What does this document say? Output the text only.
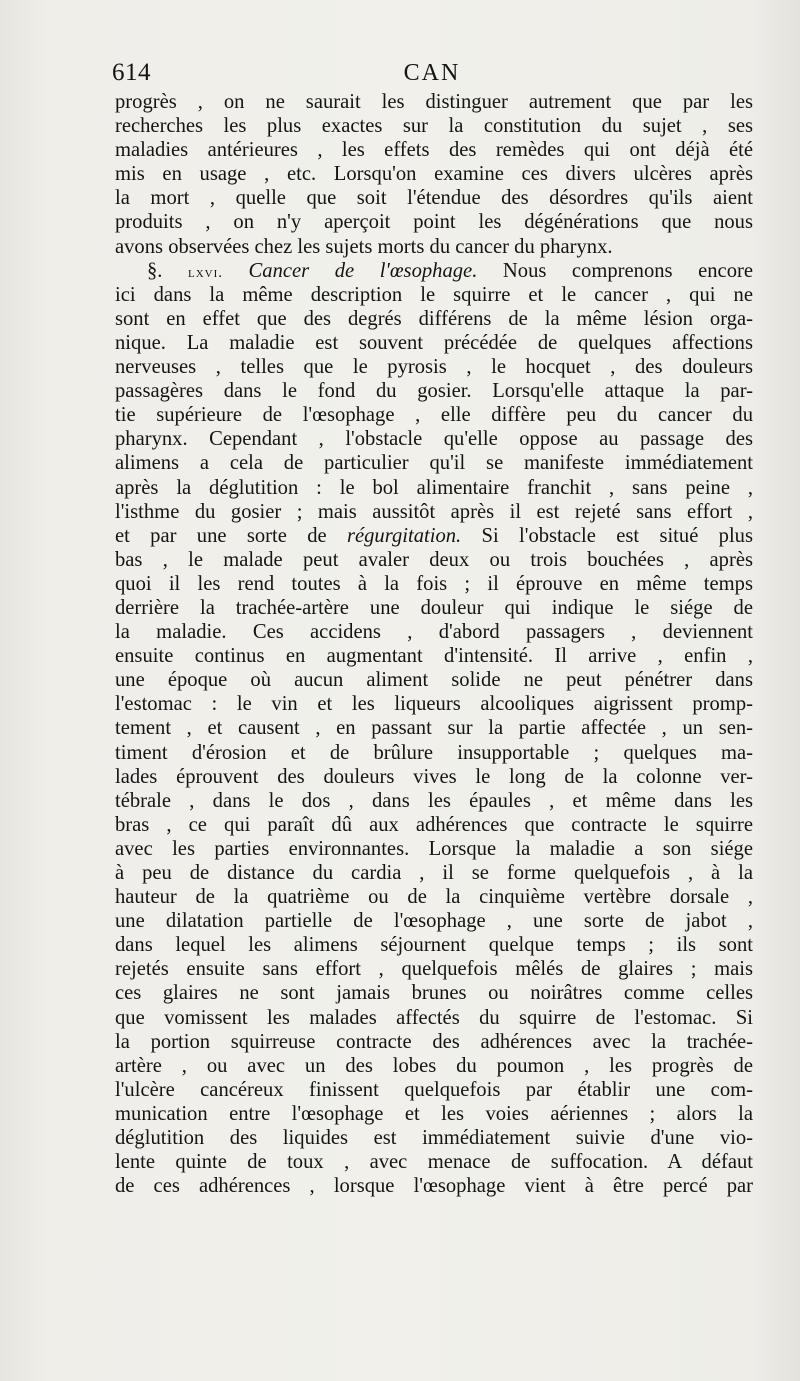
614	CAN
progrès , on ne saurait les distinguer autrement que par les
recherches les plus exactes sur la constitution du sujet , ses
maladies antérieures , les effets des remèdes qui ont déjà été
mis en usage , etc. Lorsqu'on examine ces divers ulcères après
la mort , quelle que soit l'étendue des désordres qu'ils aient
produits , on n'y aperçoit point les dégénérations que nous
avons observées chez les sujets morts du cancer du pharynx.
§. lxvi. Cancer de l'œsophage. Nous comprenons encore
ici dans la même description le squirre et le cancer , qui ne
sont en effet que des degrés différens de la même lésion orga-
nique. La maladie est souvent précédée de quelques affections
nerveuses , telles que le pyrosis , le hocquet , des douleurs
passagères dans le fond du gosier. Lorsqu'elle attaque la par-
tie supérieure de l'œsophage , elle diffère peu du cancer du
pharynx. Cependant , l'obstacle qu'elle oppose au passage des
alimens a cela de particulier qu'il se manifeste immédiatement
après la déglutition : le bol alimentaire franchit , sans peine ,
l'isthme du gosier ; mais aussitôt après il est rejeté sans effort ,
et par une sorte de régurgitation. Si l'obstacle est situé plus
bas , le malade peut avaler deux ou trois bouchées , après
quoi il les rend toutes à la fois ; il éprouve en même temps
derrière la trachée-artère une douleur qui indique le siége de
la maladie. Ces accidens , d'abord passagers , deviennent
ensuite continus en augmentant d'intensité. Il arrive , enfin ,
une époque où aucun aliment solide ne peut pénétrer dans
l'estomac : le vin et les liqueurs alcooliques aigrissent promp-
tement , et causent , en passant sur la partie affectée , un sen-
timent d'érosion et de brûlure insupportable ; quelques ma-
lades éprouvent des douleurs vives le long de la colonne ver-
tébrale , dans le dos , dans les épaules , et même dans les
bras , ce qui paraît dû aux adhérences que contracte le squirre
avec les parties environnantes. Lorsque la maladie a son siége
à peu de distance du cardia , il se forme quelquefois , à la
hauteur de la quatrième ou de la cinquième vertèbre dorsale ,
une dilatation partielle de l'œsophage , une sorte de jabot ,
dans lequel les alimens séjournent quelque temps ; ils sont
rejetés ensuite sans effort , quelquefois mêlés de glaires ; mais
ces glaires ne sont jamais brunes ou noirâtres comme celles
que vomissent les malades affectés du squirre de l'estomac. Si
la portion squirreuse contracte des adhérences avec la trachée-
artère , ou avec un des lobes du poumon , les progrès de
l'ulcère cancéreux finissent quelquefois par établir une com-
munication entre l'œsophage et les voies aériennes ; alors la
déglutition des liquides est immédiatement suivie d'une vio-
lente quinte de toux , avec menace de suffocation. A défaut
de ces adhérences , lorsque l'œsophage vient à être percé par
